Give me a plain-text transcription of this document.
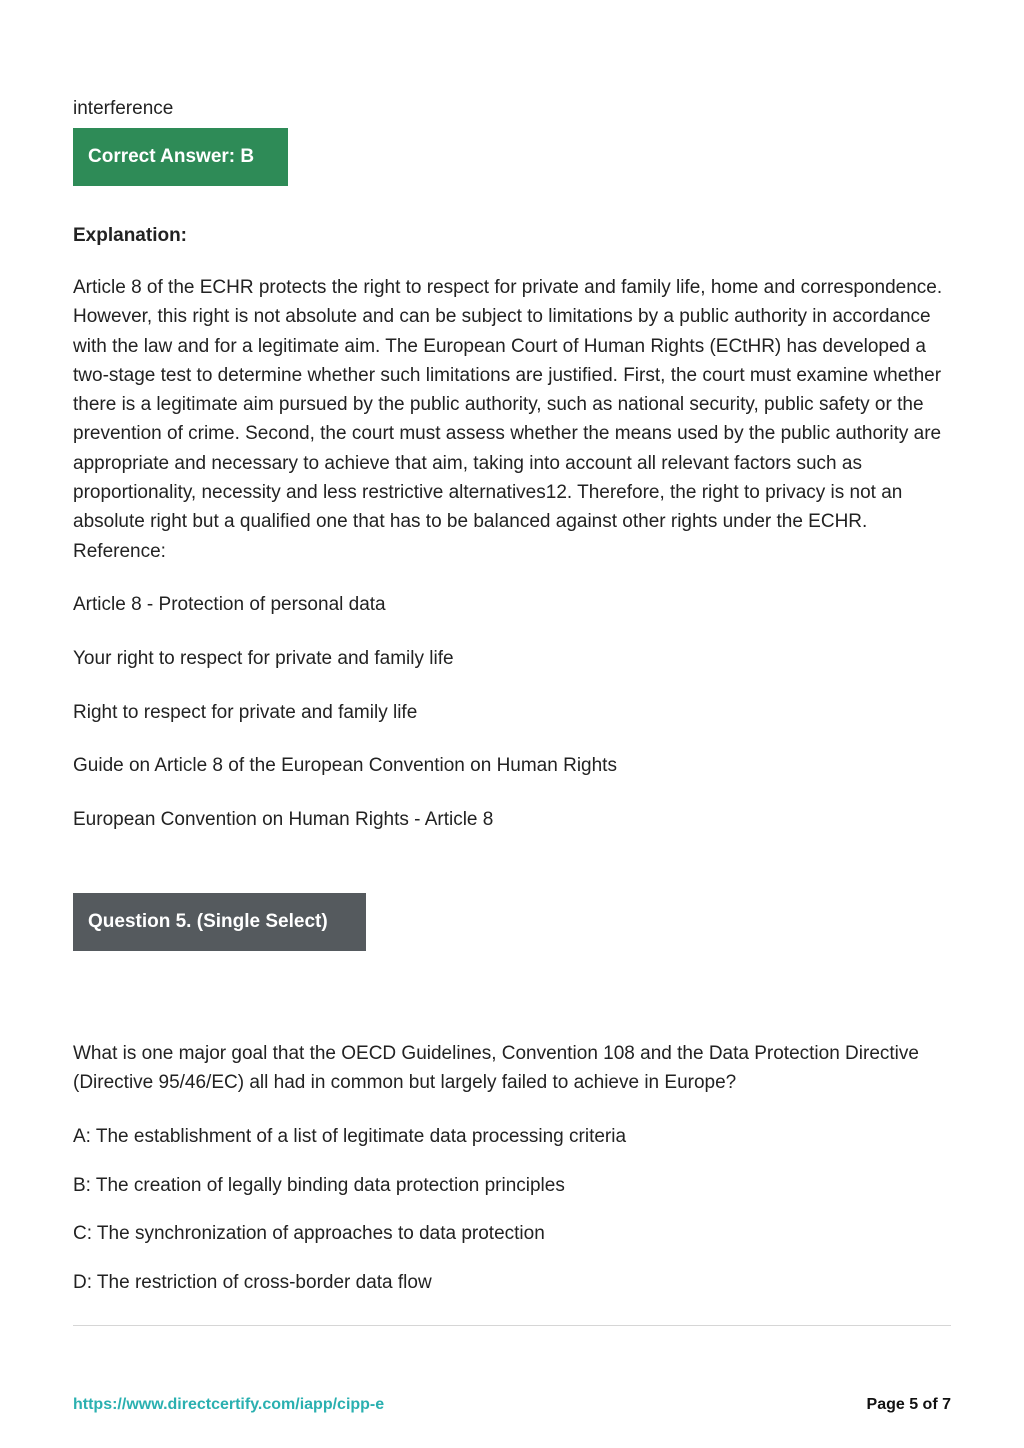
interference
Correct Answer: B
Explanation:

Article 8 of the ECHR protects the right to respect for private and family life, home and correspondence. However, this right is not absolute and can be subject to limitations by a public authority in accordance with the law and for a legitimate aim. The European Court of Human Rights (ECtHR) has developed a two-stage test to determine whether such limitations are justified. First, the court must examine whether there is a legitimate aim pursued by the public authority, such as national security, public safety or the prevention of crime. Second, the court must assess whether the means used by the public authority are appropriate and necessary to achieve that aim, taking into account all relevant factors such as proportionality, necessity and less restrictive alternatives12. Therefore, the right to privacy is not an absolute right but a qualified one that has to be balanced against other rights under the ECHR. Reference:

Article 8 - Protection of personal data
Your right to respect for private and family life
Right to respect for private and family life
Guide on Article 8 of the European Convention on Human Rights
European Convention on Human Rights - Article 8
Question 5. (Single Select)

What is one major goal that the OECD Guidelines, Convention 108 and the Data Protection Directive (Directive 95/46/EC) all had in common but largely failed to achieve in Europe?

A: The establishment of a list of legitimate data processing criteria
B: The creation of legally binding data protection principles
C: The synchronization of approaches to data protection
D: The restriction of cross-border data flow
https://www.directcertify.com/iapp/cipp-e	Page 5 of 7
